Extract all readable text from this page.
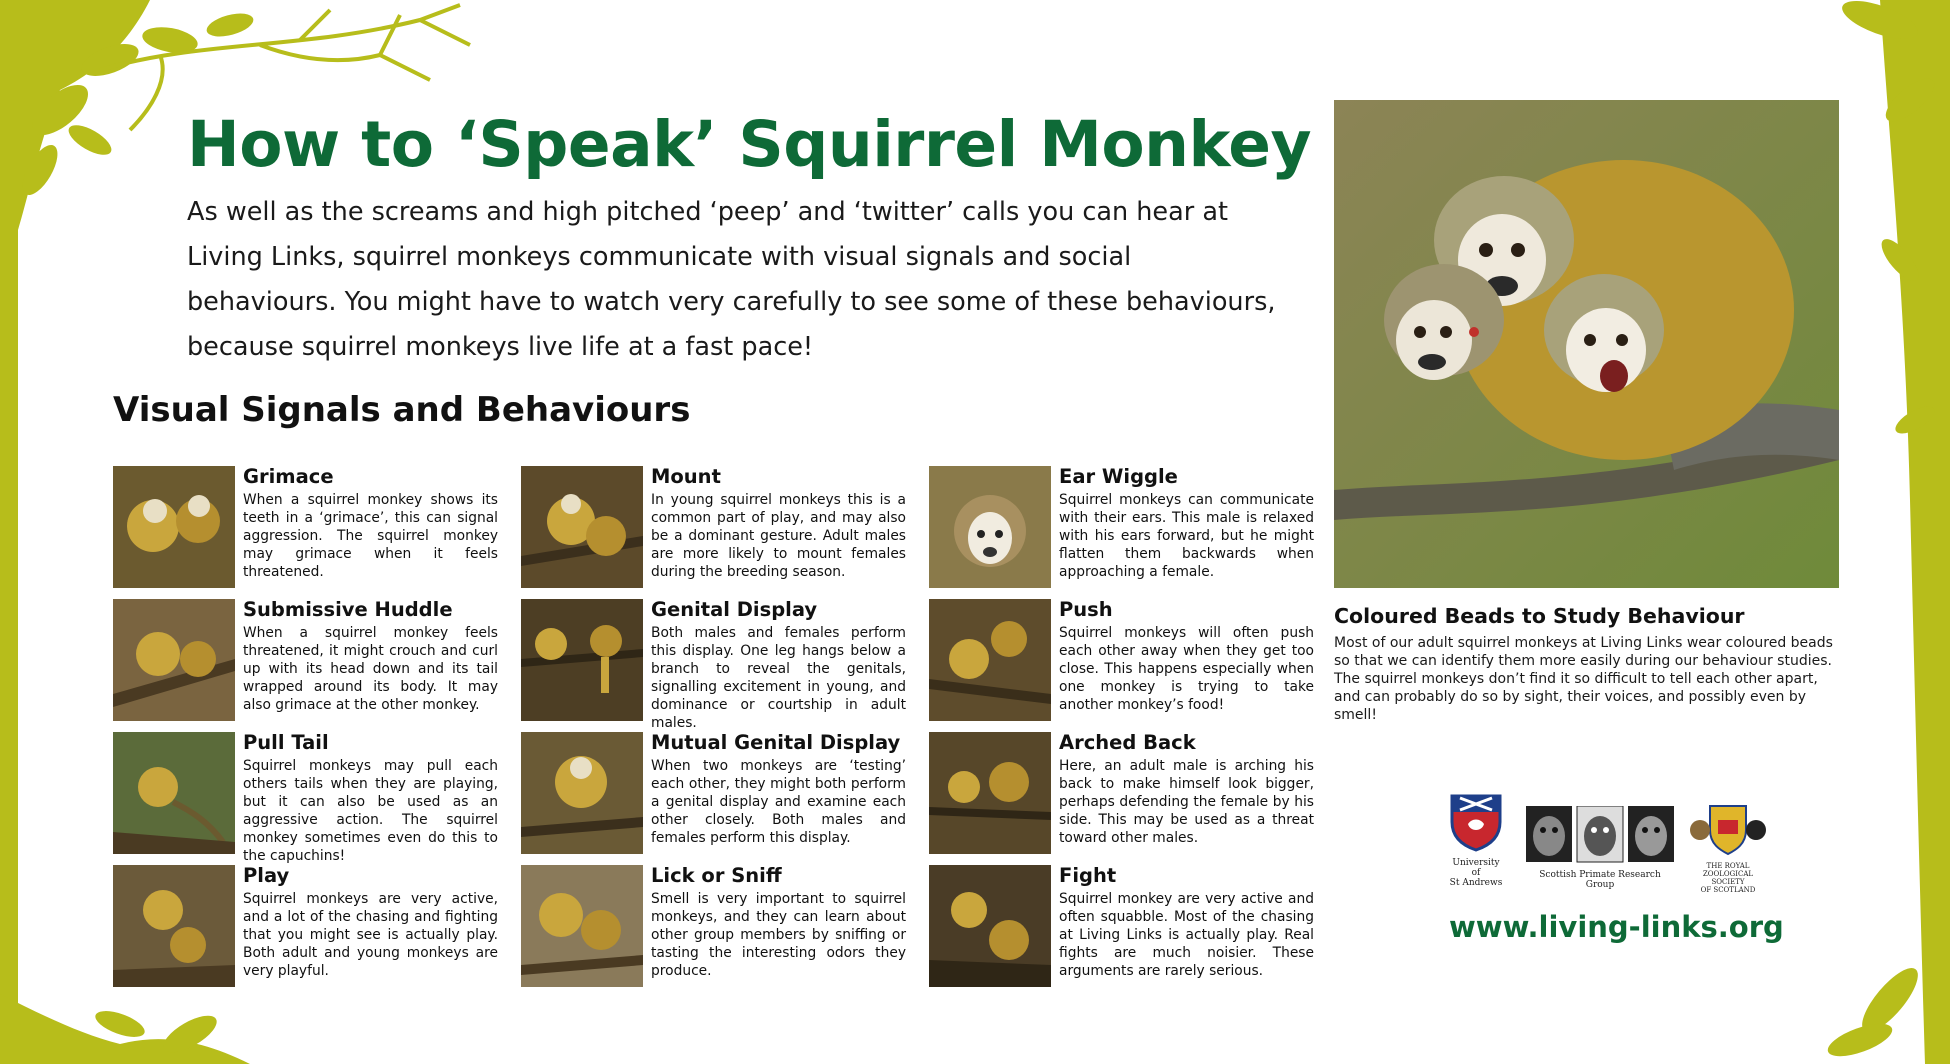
How to ‘Speak’ Squirrel Monkey

As well as the screams and high pitched ‘peep’ and ‘twitter’ calls you can hear at Living Links, squirrel monkeys communicate with visual signals and social behaviours. You might have to watch very carefully to see some of these behaviours, because squirrel monkeys live life at a fast pace!

Visual Signals and Behaviours
Grimace

When a squirrel monkey shows its teeth in a ‘grimace’, this can signal aggression. The squirrel monkey may grimace when it feels threatened.

Mount

In young squirrel monkeys this is a common part of play, and may also be a dominant gesture. Adult males are more likely to mount females during the breeding season.

Ear Wiggle

Squirrel monkeys can communicate with their ears. This male is relaxed with his ears forward, but he might flatten them backwards when approaching a female.

Submissive Huddle

When a squirrel monkey feels threatened, it might crouch and curl up with its head down and its tail wrapped around its body. It may also grimace at the other monkey.

Genital Display

Both males and females perform this display. One leg hangs below a branch to reveal the genitals, signalling excitement in young, and dominance or courtship in adult males.

Push

Squirrel monkeys will often push each other away when they get too close. This happens especially when one monkey is trying to take another monkey’s food!

Pull Tail

Squirrel monkeys may pull each others tails when they are playing, but it can also be used as an aggressive action. The squirrel monkey sometimes even do this to the capuchins!

Mutual Genital Display

When two monkeys are ‘testing’ each other, they might both perform a genital display and examine each other closely. Both males and females perform this display.

Arched Back

Here, an adult male is arching his back to make himself look bigger, perhaps defending the female by his side. This may be used as a threat toward other males.

Play

Squirrel monkeys are very active, and a lot of the chasing and fighting that you might see is actually play. Both adult and young monkeys are very playful.

Lick or Sniff

Smell is very important to squirrel monkeys, and they can learn about other group members by sniffing or tasting the interesting odors they produce.

Fight

Squirrel monkey are very active and often squabble. Most of the chasing at Living Links is actually play. Real fights are much noisier. These arguments are rarely serious.

Coloured Beads to Study Behaviour

Most of our adult squirrel monkeys at Living Links wear coloured beads so that we can identify them more easily during our behaviour studies. The squirrel monkeys don’t find it so difficult to tell each other apart, and can probably do so by sight, their voices, and possibly even by smell!

University
of
St Andrews
Scottish Primate Research Group
THE ROYAL
ZOOLOGICAL SOCIETY
OF SCOTLAND

www.living-links.org
